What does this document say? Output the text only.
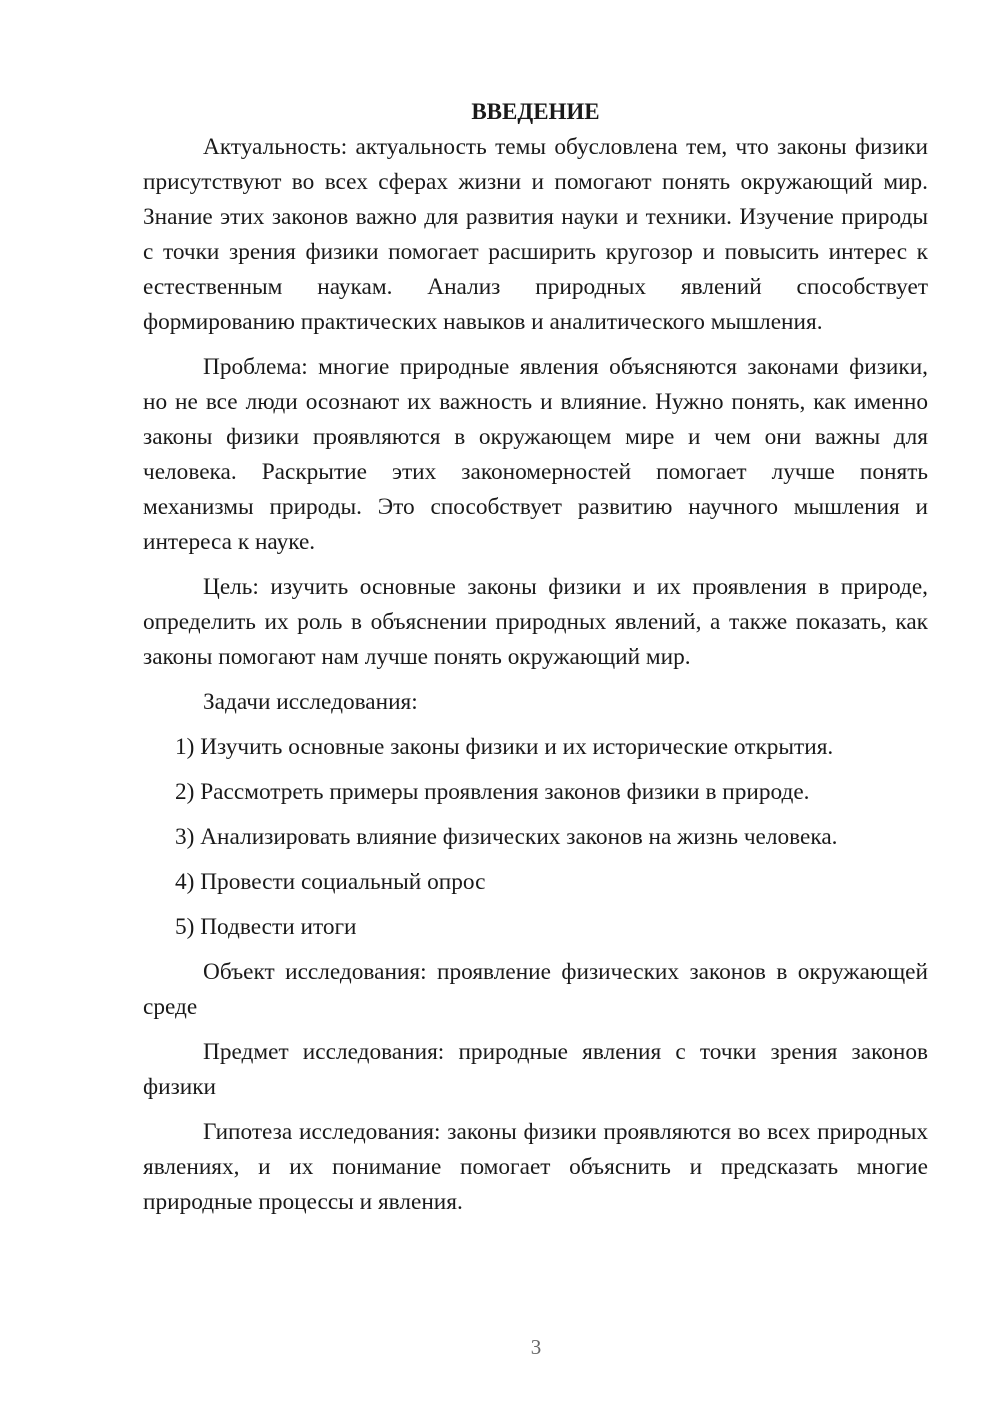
ВВЕДЕНИЕ

Актуальность: актуальность темы обусловлена тем, что законы физики присутствуют во всех сферах жизни и помогают понять окружающий мир. Знание этих законов важно для развития науки и техники. Изучение природы с точки зрения физики помогает расширить кругозор и повысить интерес к естественным наукам. Анализ природных явлений способствует формированию практических навыков и аналитического мышления.

Проблема: многие природные явления объясняются законами физики, но не все люди осознают их важность и влияние. Нужно понять, как именно законы физики проявляются в окружающем мире и чем они важны для человека. Раскрытие этих закономерностей помогает лучше понять механизмы природы. Это способствует развитию научного мышления и интереса к науке.

Цель: изучить основные законы физики и их проявления в природе, определить их роль в объяснении природных явлений, а также показать, как законы помогают нам лучше понять окружающий мир.

Задачи исследования:

1) Изучить основные законы физики и их исторические открытия.

2) Рассмотреть примеры проявления законов физики в природе.

3) Анализировать влияние физических законов на жизнь человека.

4) Провести социальный опрос

5) Подвести итоги

Объект исследования: проявление физических законов в окружающей среде

Предмет исследования: природные явления с точки зрения законов физики

Гипотеза исследования: законы физики проявляются во всех природных явлениях, и их понимание помогает объяснить и предсказать многие природные процессы и явления.

3
